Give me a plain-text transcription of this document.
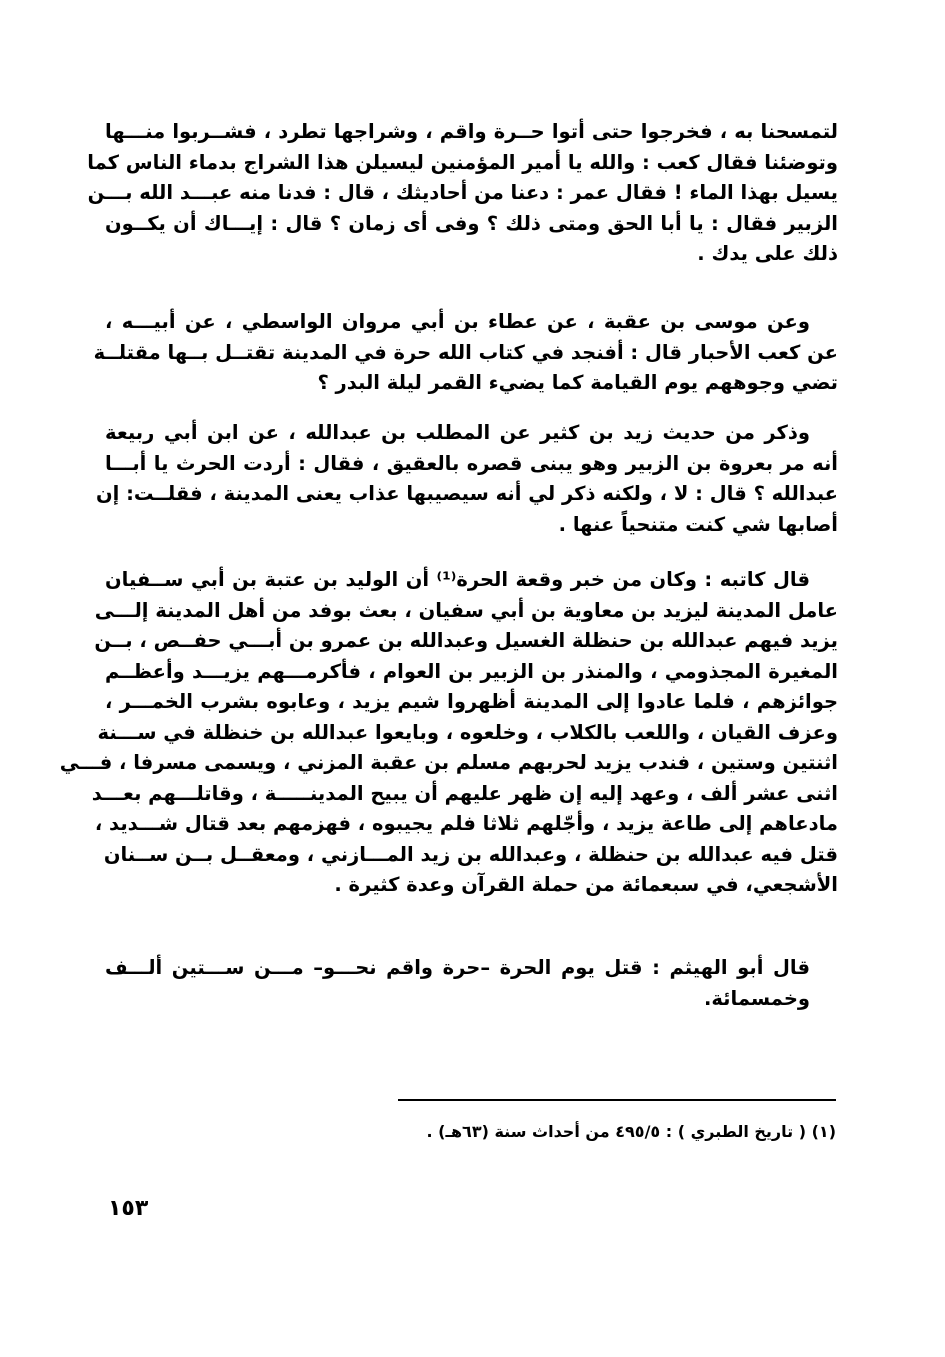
لتمسحنا به ، فخرجوا حتى أتوا حــرة واقم ، وشراجها تطرد ، فشــربوا منـــها
وتوضئنا فقال كعب : والله يا أمير المؤمنين ليسيلن هذا الشراج بدماء الناس كما
يسيل بهذا الماء ! فقال عمر : دعنا من أحاديثك ، قال : فدنا منه عبـــد الله بـــن
الزبير فقال : يا أبا الحق ومتى ذلك ؟ وفى أى زمان ؟ قال : إيـــاك أن يكــون
ذلك على يدك .
وعن موسى بن عقبة ، عن عطاء بن أبي مروان الواسطي ، عن أبيـــه ،
عن كعب الأحبار قال : أفنجد في كتاب الله حرة في المدينة تقتــل بــها مقتلــة
تضي وجوههم يوم القيامة كما يضيء القمر ليلة البدر ؟
وذكر من حديث زيد بن كثير عن المطلب بن عبدالله ، عن ابن أبي ربيعة
أنه مر بعروة بن الزبير وهو يبنى قصره بالعقيق ، فقال : أردت الحرث يا أبـــا
عبدالله ؟ قال : لا ، ولكنه ذكر لي أنه سيصيبها عذاب يعنى المدينة ، فقلــت: إن
أصابها شي كنت متنحياً عنها .
قال كاتبه : وكان من خبر وقعة الحرة⁽¹⁾ أن الوليد بن عتبة بن أبي ســفيان
عامل المدينة ليزيد بن معاوية بن أبي سفيان ، بعث بوفد من أهل المدينة إلـــى
يزيد فيهم عبدالله بن حنظلة الغسيل وعبدالله بن عمرو بن أبـــي حفــص ، بــن
المغيرة المجذومي ، والمنذر بن الزبير بن العوام ، فأكرمـــهم يزيـــد وأعظــم
جوائزهم ، فلما عادوا إلى المدينة أظهروا شيم يزيد ، وعابوه بشرب الخمـــر ،
وعزف القيان ، واللعب بالكلاب ، وخلعوه ، وبايعوا عبدالله بن خنظلة في ســـنة
اثنتين وستين ، فندب يزيد لحربهم مسلم بن عقبة المزني ، ويسمى مسرفا ، فـــي
اثنى عشر ألف ، وعهد إليه إن ظهر عليهم أن يبيح المدينـــــة ، وقاتلـــهم بعـــد
مادعاهم إلى طاعة يزيد ، وأجّلهم ثلاثا فلم يجيبوه ، فهزمهم بعد قتال شـــديد ،
قتل فيه عبدالله بن حنظلة ، وعبدالله بن زيد المـــازني ، ومعقــل بــن ســنان
الأشجعي، في سبعمائة من حملة القرآن وعدة كثيرة .
قال أبو الهيثم : قتل يوم الحرة –حرة واقم نحـــو– مـــن ســـتين ألـــف
وخمسمائة.
(١) ( تاريخ الطبري ) : ٤٩٥/٥ من أحداث سنة (٦٣هـ) .
١٥٣
